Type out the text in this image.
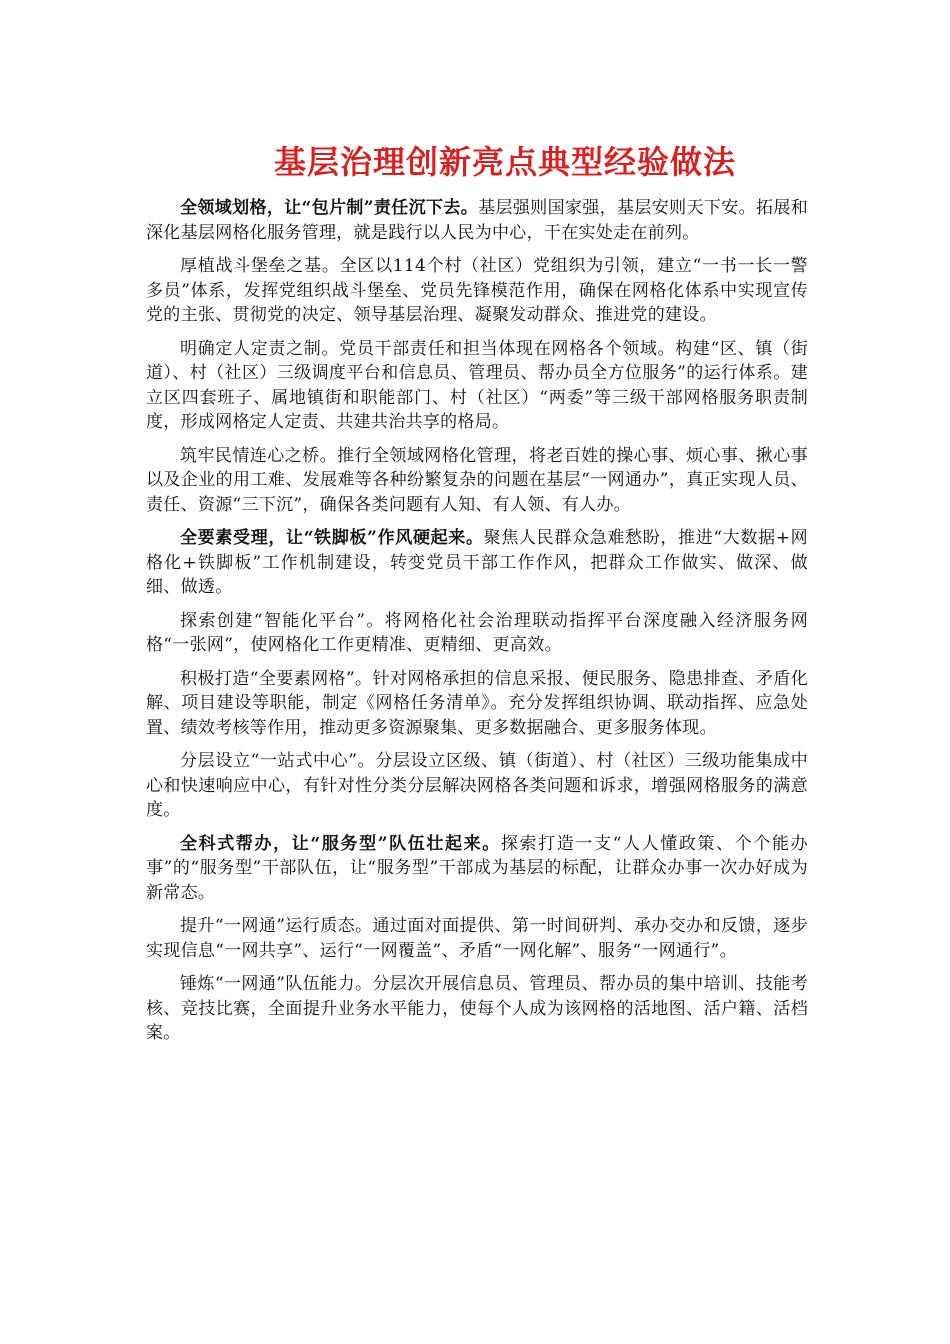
基层治理创新亮点典型经验做法

全领域划格，让“包片制”责任沉下去。基层强则国家强，基层安则天下安。拓展和深化基层网格化服务管理，就是践行以人民为中心，干在实处走在前列。

厚植战斗堡垒之基。全区以114个村（社区）党组织为引领，建立“一书一长一警多员”体系，发挥党组织战斗堡垒、党员先锋模范作用，确保在网格化体系中实现宣传党的主张、贯彻党的决定、领导基层治理、凝聚发动群众、推进党的建设。

明确定人定责之制。党员干部责任和担当体现在网格各个领域。构建“区、镇（街道）、村（社区）三级调度平台和信息员、管理员、帮办员全方位服务”的运行体系。建立区四套班子、属地镇街和职能部门、村（社区）“两委”等三级干部网格服务职责制度，形成网格定人定责、共建共治共享的格局。

筑牢民情连心之桥。推行全领域网格化管理，将老百姓的操心事、烦心事、揪心事以及企业的用工难、发展难等各种纷繁复杂的问题在基层“一网通办”，真正实现人员、责任、资源“三下沉”，确保各类问题有人知、有人领、有人办。

全要素受理，让“铁脚板”作风硬起来。聚焦人民群众急难愁盼，推进“大数据+网格化+铁脚板”工作机制建设，转变党员干部工作作风，把群众工作做实、做深、做细、做透。

探索创建“智能化平台”。将网格化社会治理联动指挥平台深度融入经济服务网格“一张网”，使网格化工作更精准、更精细、更高效。

积极打造“全要素网格”。针对网格承担的信息采报、便民服务、隐患排查、矛盾化解、项目建设等职能，制定《网格任务清单》。充分发挥组织协调、联动指挥、应急处置、绩效考核等作用，推动更多资源聚集、更多数据融合、更多服务体现。

分层设立“一站式中心”。分层设立区级、镇（街道）、村（社区）三级功能集成中心和快速响应中心，有针对性分类分层解决网格各类问题和诉求，增强网格服务的满意度。

全科式帮办，让“服务型”队伍壮起来。探索打造一支“人人懂政策、个个能办事”的“服务型”干部队伍，让“服务型”干部成为基层的标配，让群众办事一次办好成为新常态。

提升“一网通”运行质态。通过面对面提供、第一时间研判、承办交办和反馈，逐步实现信息“一网共享”、运行“一网覆盖”、矛盾“一网化解”、服务“一网通行”。

锤炼“一网通”队伍能力。分层次开展信息员、管理员、帮办员的集中培训、技能考核、竞技比赛，全面提升业务水平能力，使每个人成为该网格的活地图、活户籍、活档案。
